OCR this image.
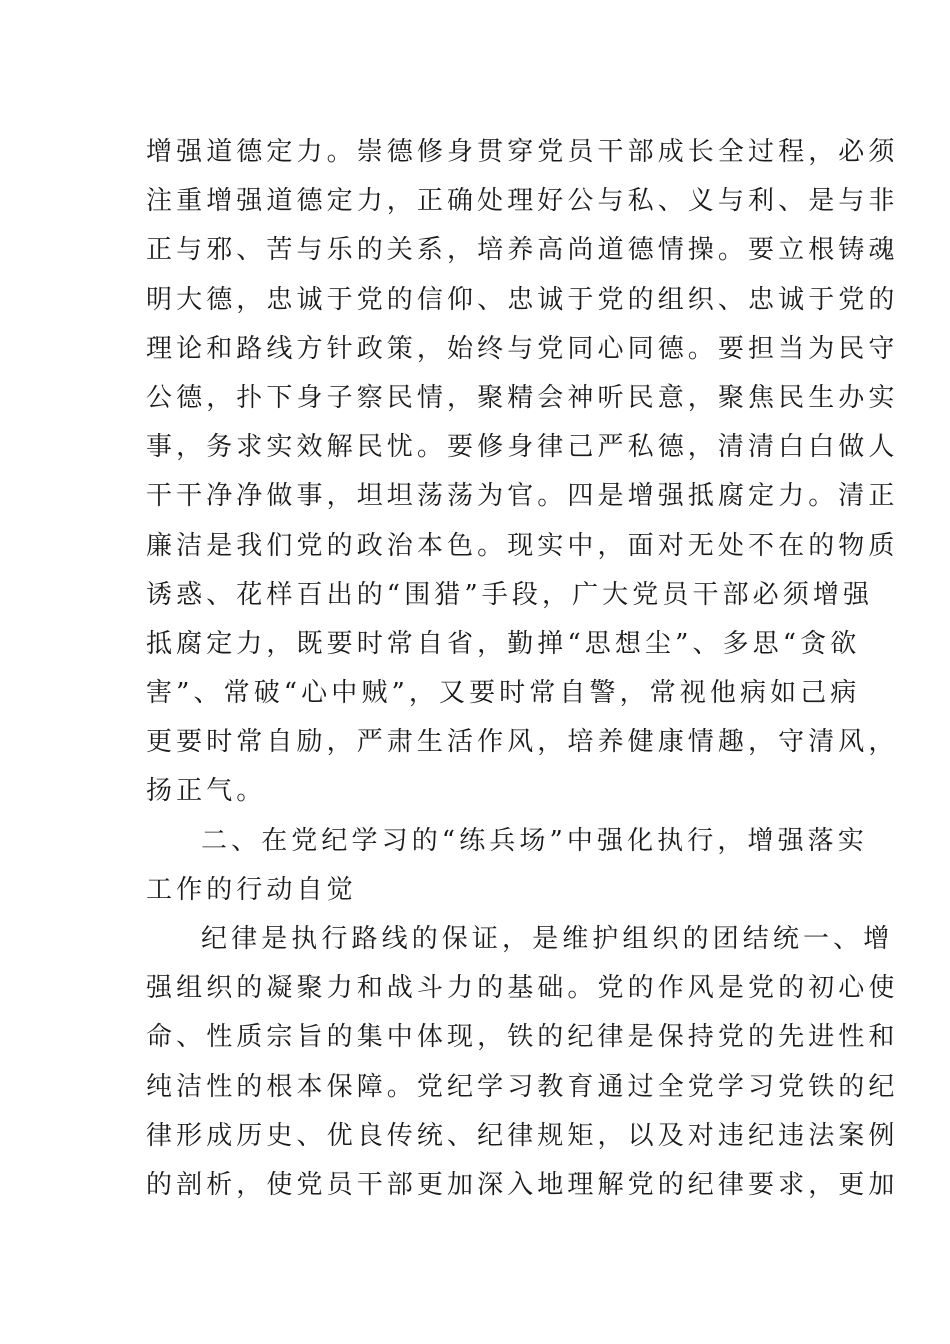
增强道德定力。崇德修身贯穿党员干部成长全过程，必须
注重增强道德定力，正确处理好公与私、义与利、是与非
正与邪、苦与乐的关系，培养高尚道德情操。要立根铸魂
明大德，忠诚于党的信仰、忠诚于党的组织、忠诚于党的
理论和路线方针政策，始终与党同心同德。要担当为民守
公德，扑下身子察民情，聚精会神听民意，聚焦民生办实
事，务求实效解民忧。要修身律己严私德，清清白白做人
干干净净做事，坦坦荡荡为官。四是增强抵腐定力。清正
廉洁是我们党的政治本色。现实中，面对无处不在的物质
诱惑、花样百出的“围猎”手段，广大党员干部必须增强
抵腐定力，既要时常自省，勤掸“思想尘”、多思“贪欲
害”、常破“心中贼”，又要时常自警，常视他病如己病
更要时常自励，严肃生活作风，培养健康情趣，守清风，
扬正气。
二、在党纪学习的“练兵场”中强化执行，增强落实
工作的行动自觉
纪律是执行路线的保证，是维护组织的团结统一、增
强组织的凝聚力和战斗力的基础。党的作风是党的初心使
命、性质宗旨的集中体现，铁的纪律是保持党的先进性和
纯洁性的根本保障。党纪学习教育通过全党学习党铁的纪
律形成历史、优良传统、纪律规矩，以及对违纪违法案例
的剖析，使党员干部更加深入地理解党的纪律要求，更加
